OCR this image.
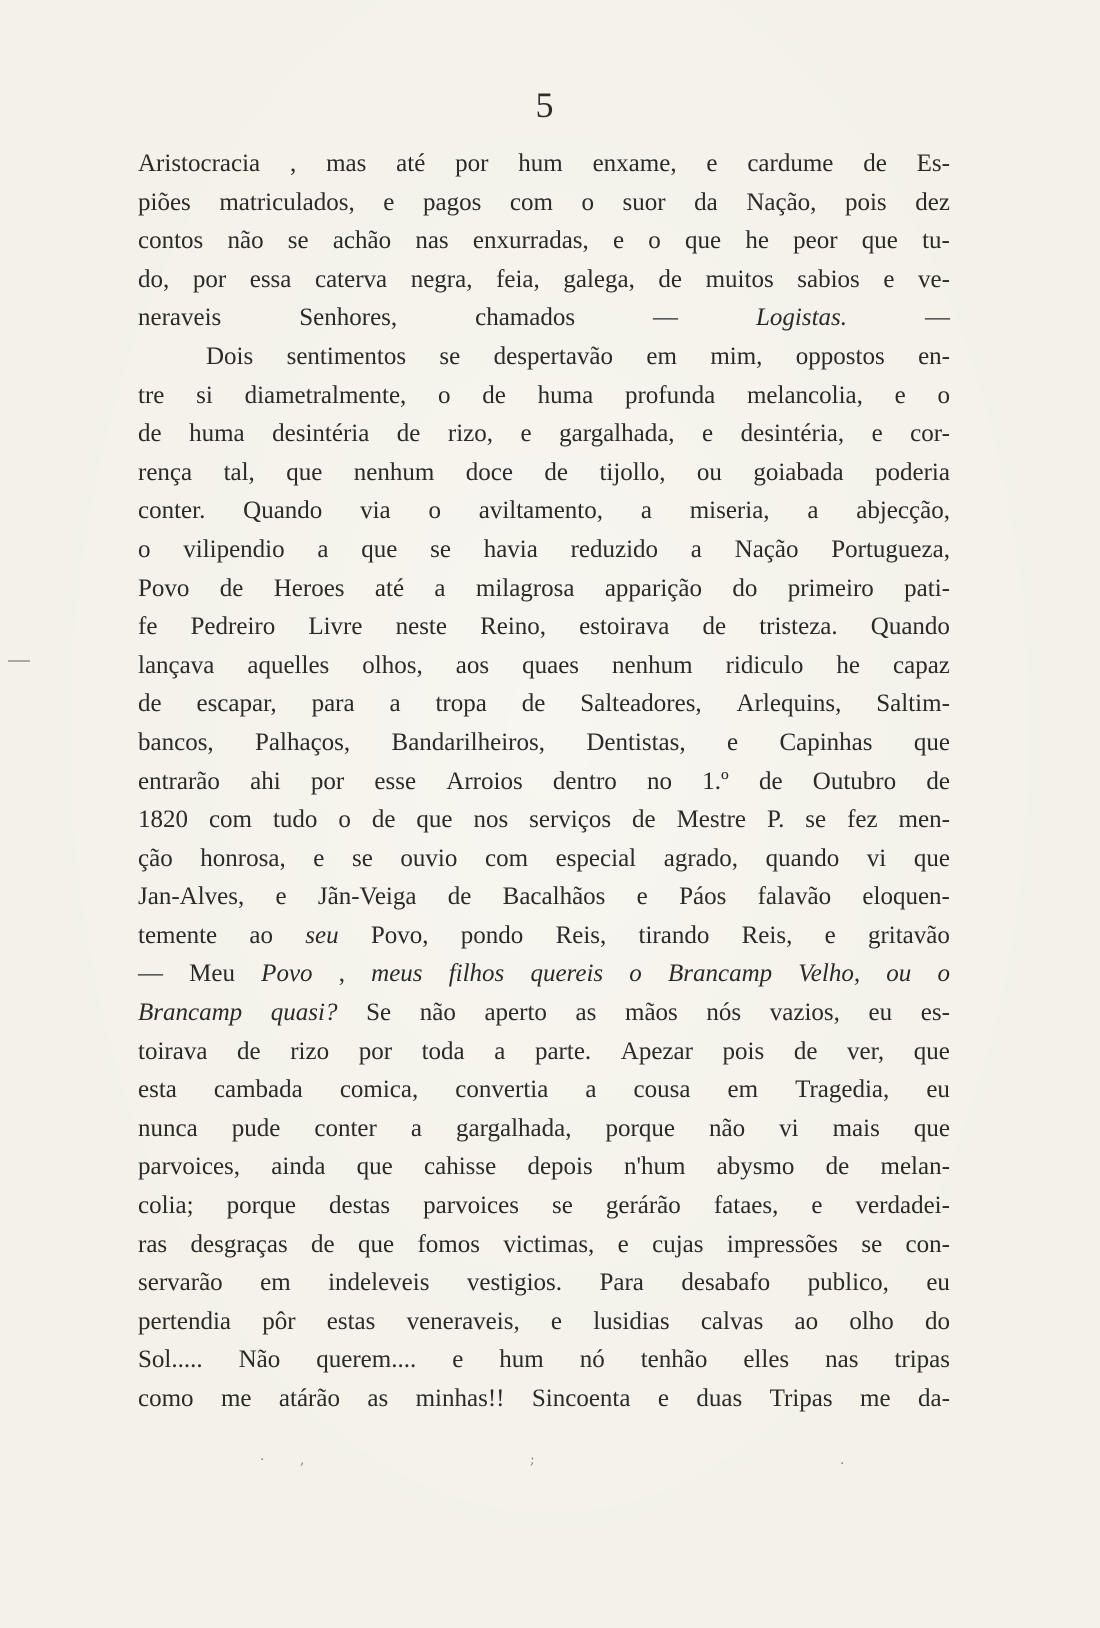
5
Aristocracia , mas até por hum enxame, e cardume de Es-
piões matriculados, e pagos com o suor da Nação, pois dez
contos não se achão nas enxurradas, e o que he peor que tu-
do, por essa caterva negra, feia, galega, de muitos sabios e ve-
neraveis	Senhores,	chamados	—	Logistas.	—
Dois sentimentos se despertavão em mim, oppostos en-
tre si diametralmente, o de huma profunda melancolia, e o
de huma desintéria de rizo, e gargalhada, e desintéria, e cor-
rença tal, que nenhum doce de tijollo, ou goiabada poderia
conter. Quando via o aviltamento, a miseria, a abjecção,
o vilipendio a que se havia reduzido a Nação Portugueza,
Povo de Heroes até a milagrosa apparição do primeiro pati-
fe Pedreiro Livre neste Reino, estoirava de tristeza. Quando
lançava aquelles olhos, aos quaes nenhum ridiculo he capaz
de escapar, para a tropa de Salteadores, Arlequins, Saltim-
bancos, Palhaços, Bandarilheiros, Dentistas, e Capinhas que
entrarão ahi por esse Arroios dentro no 1.º de Outubro de
1820 com tudo o de que nos serviços de Mestre P. se fez men-
ção honrosa, e se ouvio com especial agrado, quando vi que
Jan-Alves, e Jãn-Veiga de Bacalhãos e Páos falavão eloquen-
temente ao seu Povo, pondo Reis, tirando Reis, e gritavão
— Meu Povo , meus filhos quereis o Brancamp Velho, ou o
Brancamp quasi? Se não aperto as mãos nós vazios, eu es-
toirava de rizo por toda a parte. Apezar pois de ver, que
esta cambada comica, convertia a cousa em Tragedia, eu
nunca pude conter a gargalhada, porque não vi mais que
parvoices, ainda que cahisse depois n'hum abysmo de melan-
colia; porque destas parvoices se gerárão fataes, e verdadei-
ras desgraças de que fomos victimas, e cujas impressões se con-
servarão em indeleveis vestigios. Para desabafo publico, eu
pertendia pôr estas veneraveis, e lusidias calvas ao olho do
Sol..... Não querem.... e hum nó tenhão elles nas tripas
como me atárão as minhas!! Sincoenta e duas Tripas me da-
·	,	;	.
